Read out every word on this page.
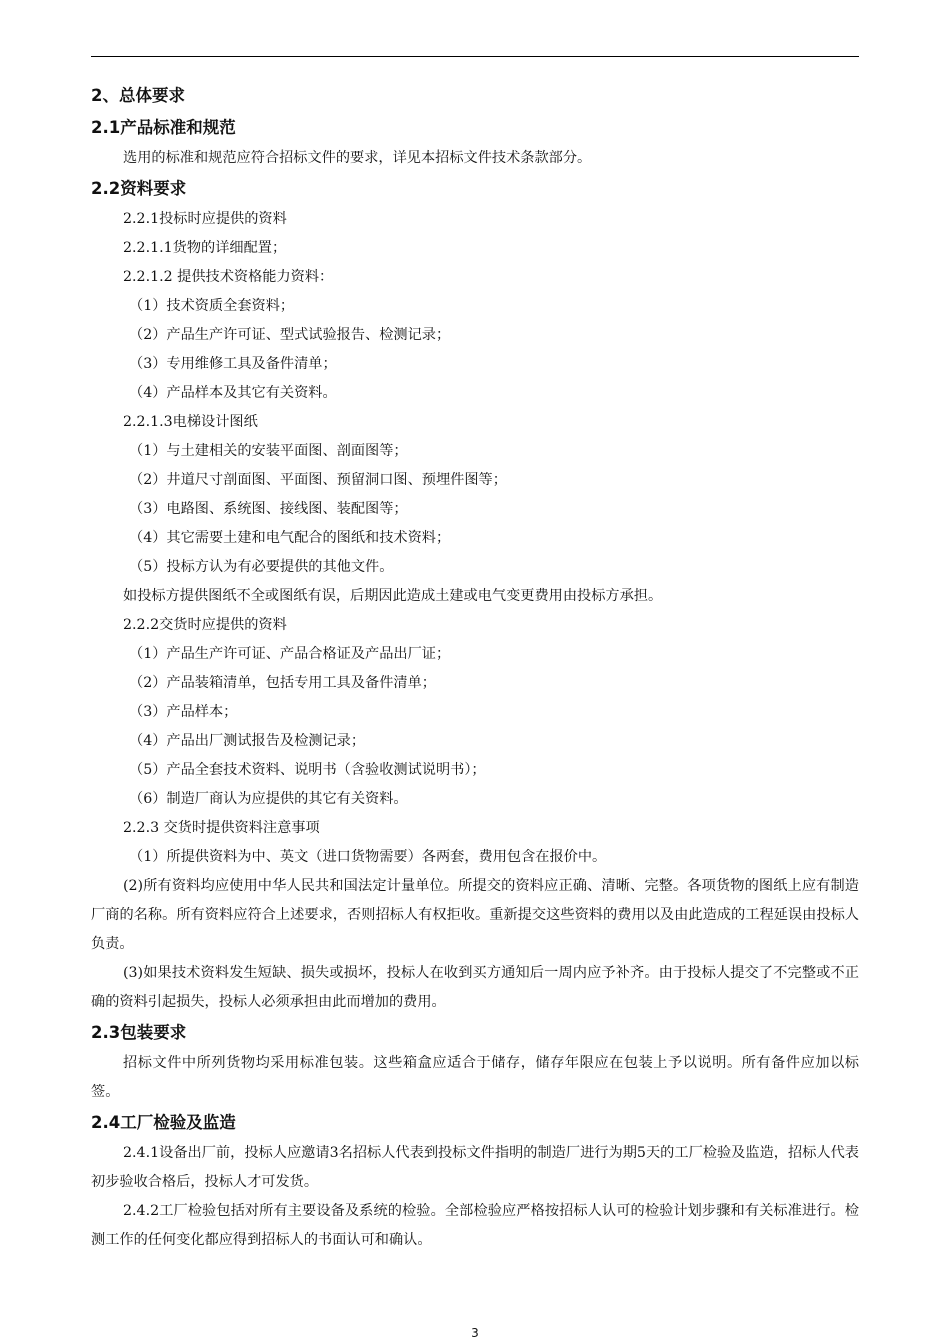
2、总体要求
2.1产品标准和规范
选用的标准和规范应符合招标文件的要求，详见本招标文件技术条款部分。
2.2资料要求
2.2.1投标时应提供的资料
2.2.1.1货物的详细配置；
2.2.1.2 提供技术资格能力资料：
（1）技术资质全套资料；
（2）产品生产许可证、型式试验报告、检测记录；
（3）专用维修工具及备件清单；
（4）产品样本及其它有关资料。
2.2.1.3电梯设计图纸
（1）与土建相关的安装平面图、剖面图等；
（2）井道尺寸剖面图、平面图、预留洞口图、预埋件图等；
（3）电路图、系统图、接线图、装配图等；
（4）其它需要土建和电气配合的图纸和技术资料；
（5）投标方认为有必要提供的其他文件。
如投标方提供图纸不全或图纸有误，后期因此造成土建或电气变更费用由投标方承担。
2.2.2交货时应提供的资料
（1）产品生产许可证、产品合格证及产品出厂证；
（2）产品装箱清单，包括专用工具及备件清单；
（3）产品样本；
（4）产品出厂测试报告及检测记录；
（5）产品全套技术资料、说明书（含验收测试说明书）；
（6）制造厂商认为应提供的其它有关资料。
2.2.3 交货时提供资料注意事项
（1）所提供资料为中、英文（进口货物需要）各两套，费用包含在报价中。

(2)所有资料均应使用中华人民共和国法定计量单位。所提交的资料应正确、清晰、完整。各项货物的图纸上应有制造厂商的名称。所有资料应符合上述要求，否则招标人有权拒收。重新提交这些资料的费用以及由此造成的工程延误由投标人负责。

(3)如果技术资料发生短缺、损失或损坏，投标人在收到买方通知后一周内应予补齐。由于投标人提交了不完整或不正确的资料引起损失，投标人必须承担由此而增加的费用。

2.3包装要求

招标文件中所列货物均采用标准包装。这些箱盒应适合于储存，储存年限应在包装上予以说明。所有备件应加以标签。

2.4工厂检验及监造

2.4.1设备出厂前，投标人应邀请3名招标人代表到投标文件指明的制造厂进行为期5天的工厂检验及监造，招标人代表初步验收合格后，投标人才可发货。

2.4.2工厂检验包括对所有主要设备及系统的检验。全部检验应严格按招标人认可的检验计划步骤和有关标准进行。检测工作的任何变化都应得到招标人的书面认可和确认。

3
